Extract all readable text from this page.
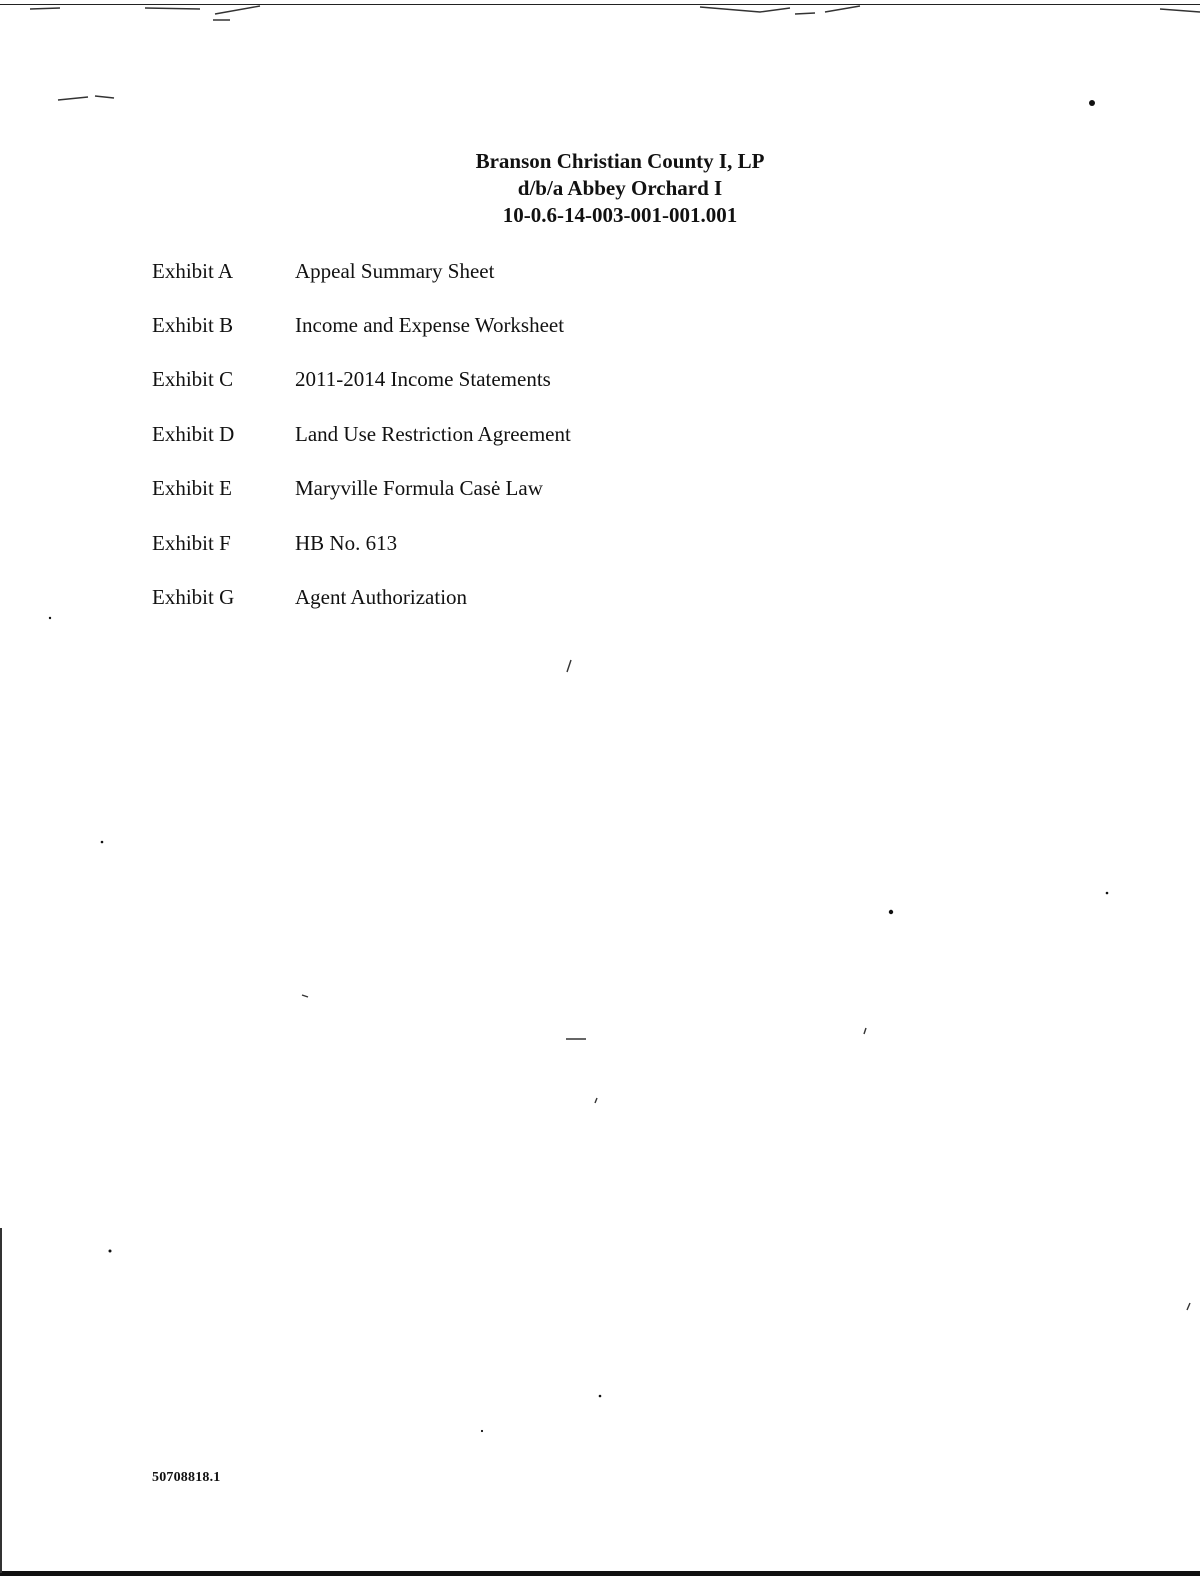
Branson Christian County I, LP
d/b/a Abbey Orchard I
10-0.6-14-003-001-001.001
Exhibit A	Appeal Summary Sheet
Exhibit B	Income and Expense Worksheet
Exhibit C	2011-2014 Income Statements
Exhibit D	Land Use Restriction Agreement
Exhibit E	Maryville Formula Casė Law
Exhibit F	HB No. 613
Exhibit G	Agent Authorization
50708818.1
